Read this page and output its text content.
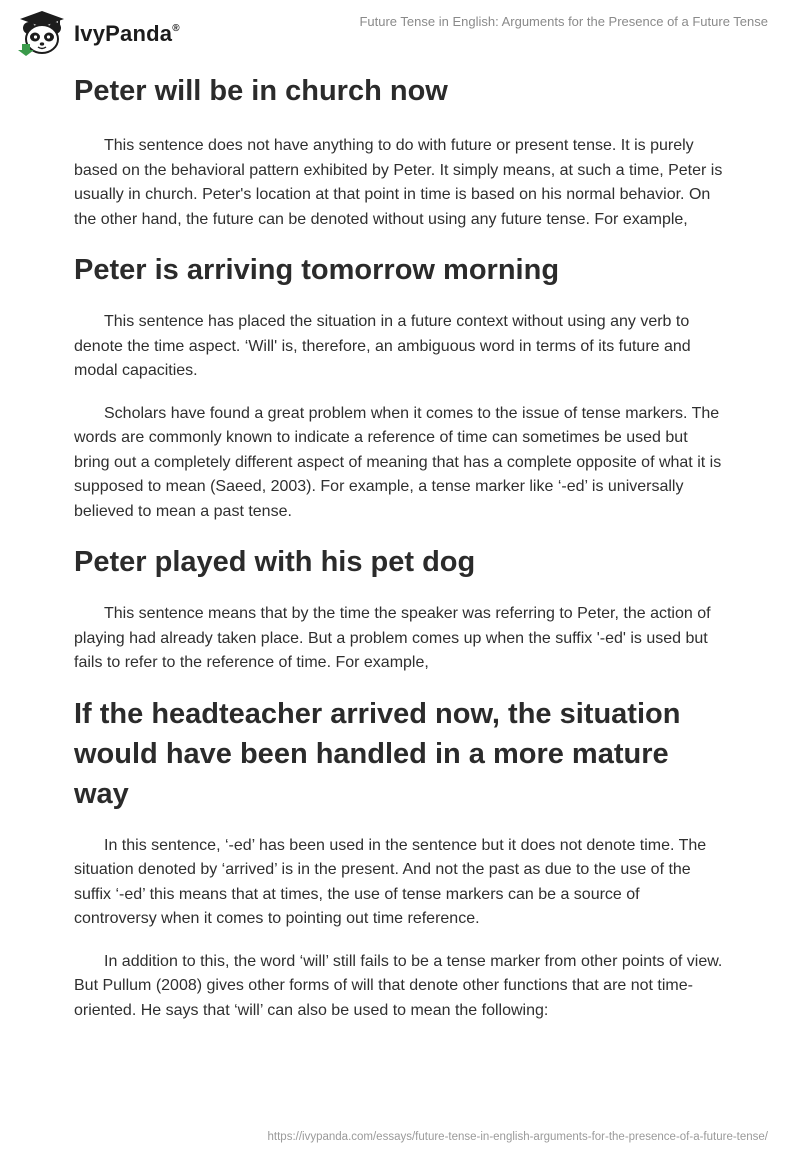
IvyPanda®	Future Tense in English: Arguments for the Presence of a Future Tense
Peter will be in church now

This sentence does not have anything to do with future or present tense. It is purely based on the behavioral pattern exhibited by Peter. It simply means, at such a time, Peter is usually in church. Peter's location at that point in time is based on his normal behavior. On the other hand, the future can be denoted without using any future tense. For example,

Peter is arriving tomorrow morning

This sentence has placed the situation in a future context without using any verb to denote the time aspect. ‘Will' is, therefore, an ambiguous word in terms of its future and modal capacities.

Scholars have found a great problem when it comes to the issue of tense markers. The words are commonly known to indicate a reference of time can sometimes be used but bring out a completely different aspect of meaning that has a complete opposite of what it is supposed to mean (Saeed, 2003). For example, a tense marker like ‘-ed’ is universally believed to mean a past tense.

Peter played with his pet dog

This sentence means that by the time the speaker was referring to Peter, the action of playing had already taken place. But a problem comes up when the suffix '-ed' is used but fails to refer to the reference of time. For example,

If the headteacher arrived now, the situation would have been handled in a more mature way

In this sentence, ‘-ed’ has been used in the sentence but it does not denote time. The situation denoted by ‘arrived’ is in the present. And not the past as due to the use of the suffix ‘-ed’ this means that at times, the use of tense markers can be a source of controversy when it comes to pointing out time reference.

In addition to this, the word ‘will’ still fails to be a tense marker from other points of view. But Pullum (2008) gives other forms of will that denote other functions that are not time-oriented. He says that ‘will’ can also be used to mean the following:

https://ivypanda.com/essays/future-tense-in-english-arguments-for-the-presence-of-a-future-tense/
